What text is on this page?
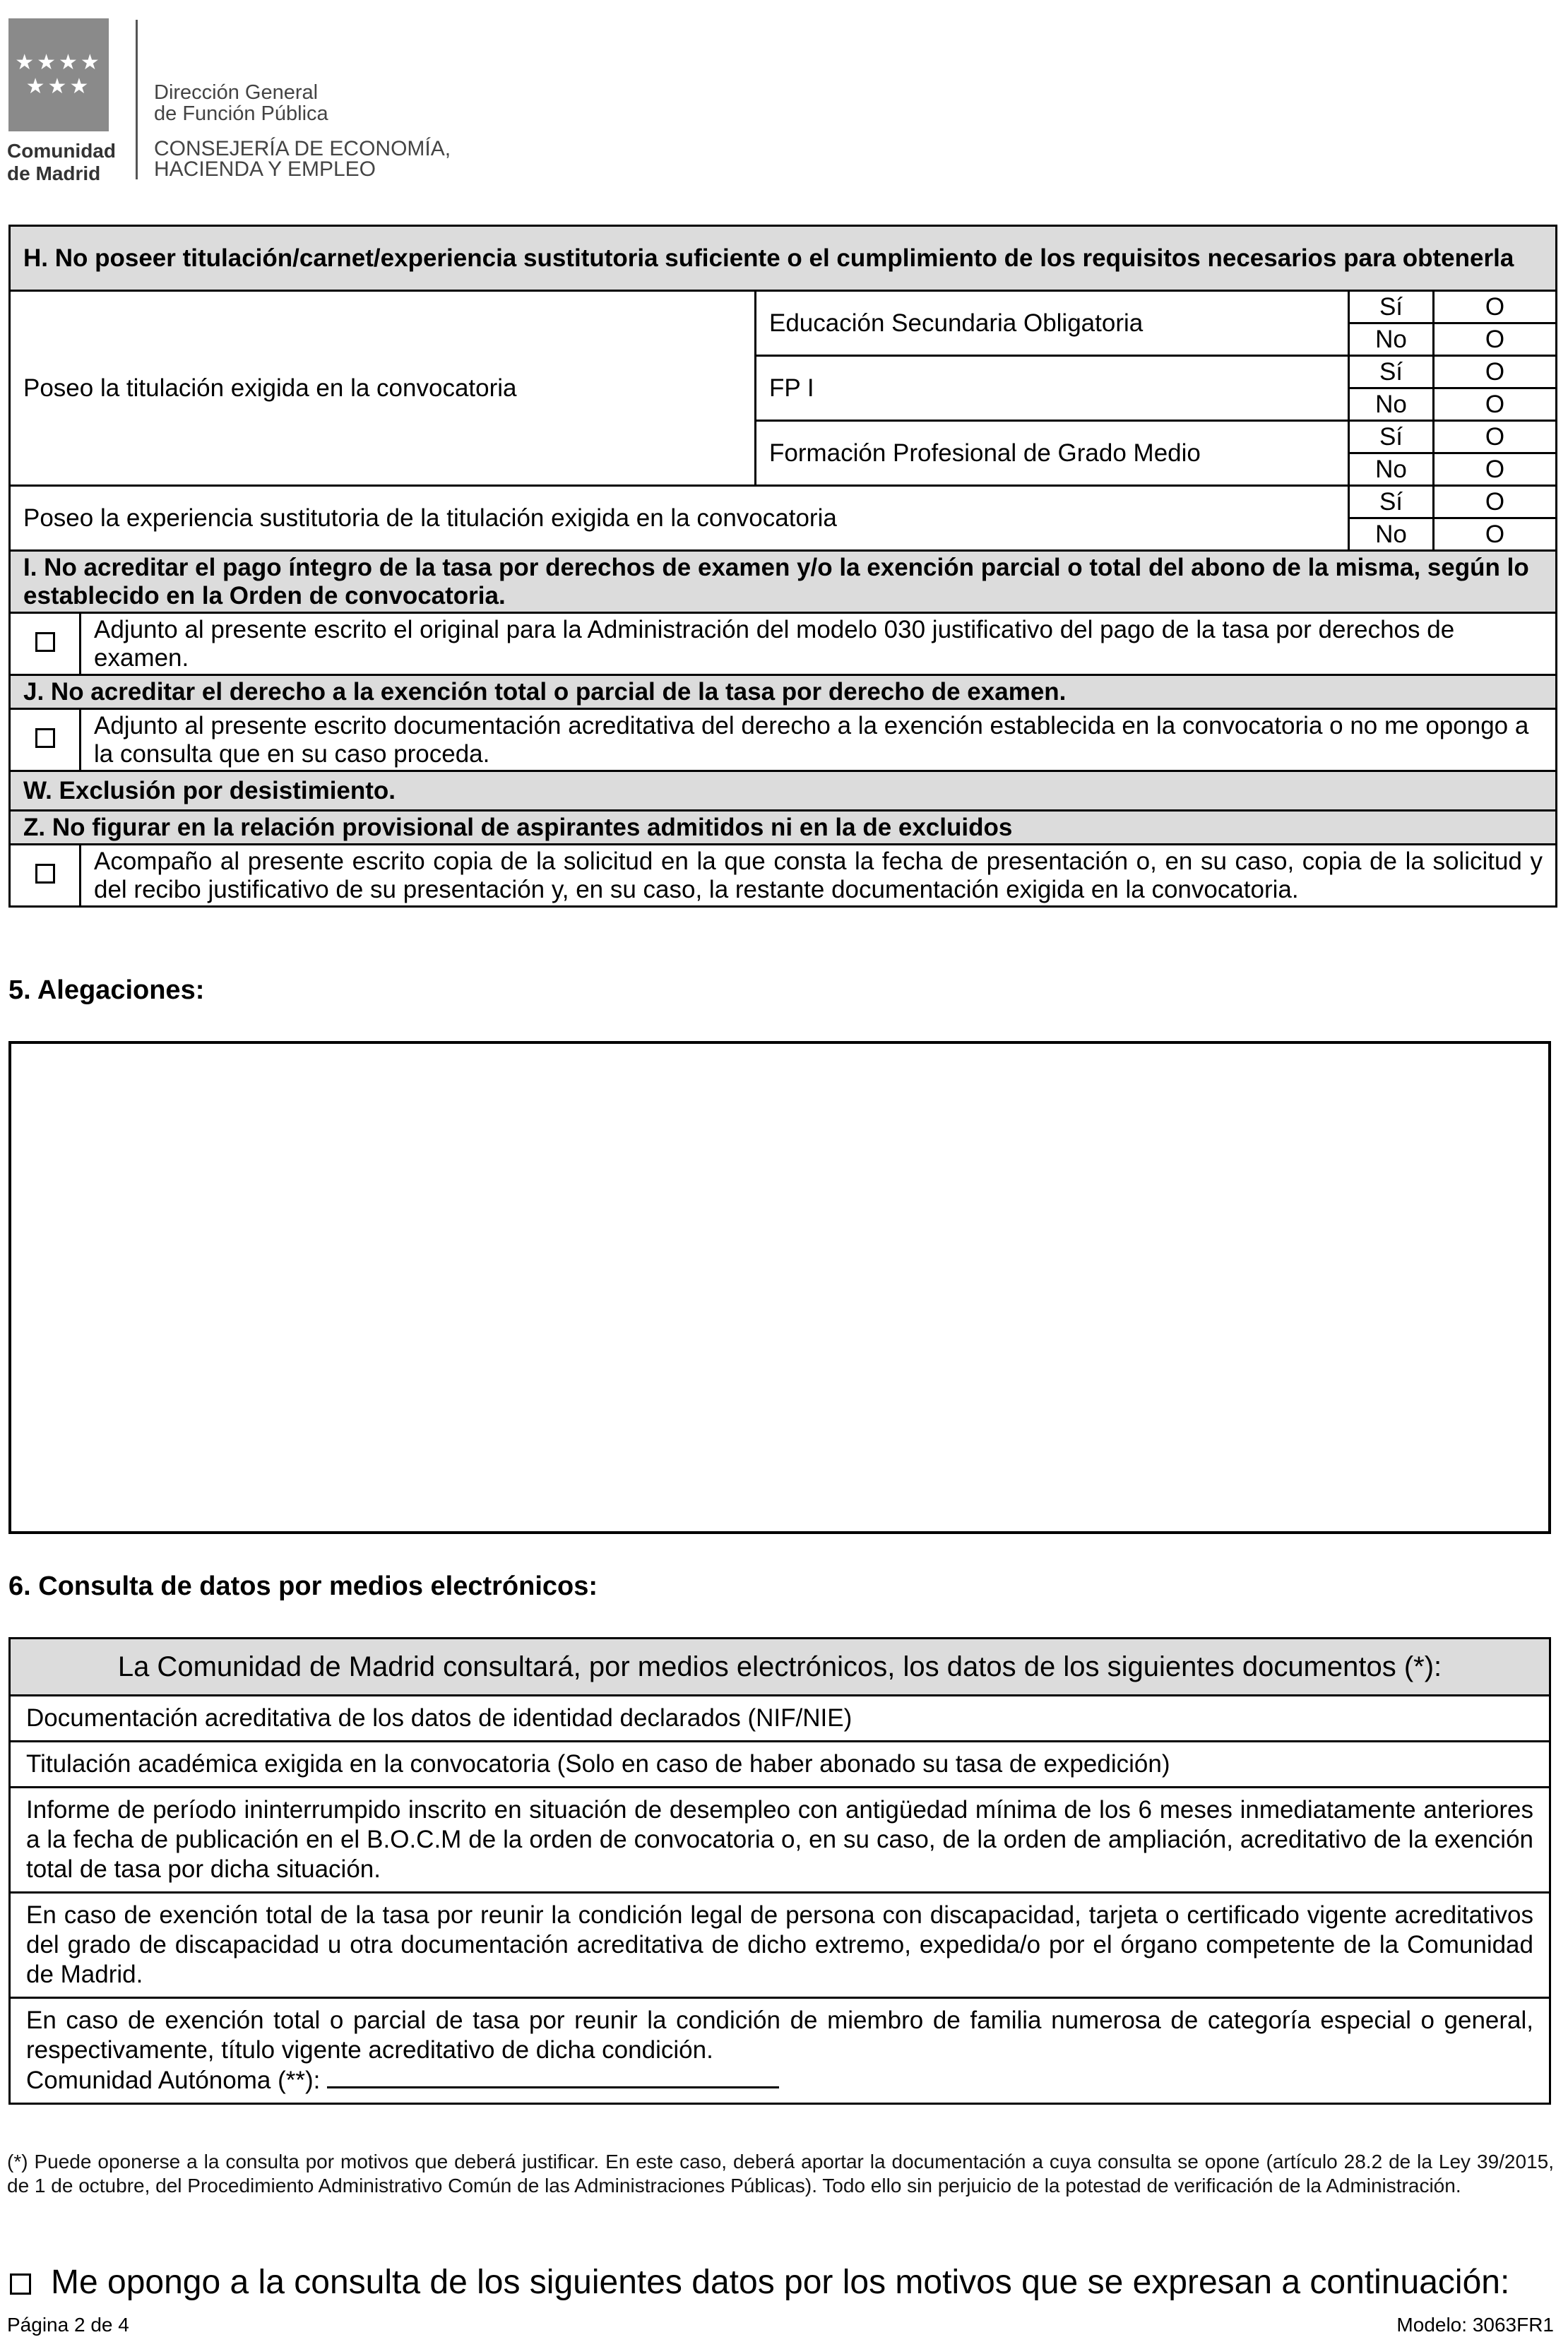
★★★★ ★★★
Comunidad
de Madrid
Dirección General
de Función Pública
CONSEJERÍA DE ECONOMÍA,
HACIENDA Y EMPLEO
H. No poseer titulación/carnet/experiencia sustitutoria suficiente o el cumplimiento de los requisitos necesarios para obtenerla				
Poseo la titulación exigida en la convocatoria		Educación Secundaria Obligatoria	Sí	O
			No	O
		FP I	Sí	O
			No	O
		Formación Profesional de Grado Medio	Sí	O
			No	O
Poseo la experiencia sustitutoria de la titulación exigida en la convocatoria			Sí	O
			No	O
I. No acreditar el pago íntegro de la tasa por derechos de examen y/o la exención parcial o total del abono de la misma, según lo establecido en la Orden de convocatoria.				
	Adjunto al presente escrito el original para la Administración del modelo 030 justificativo del pago de la tasa por derechos de examen.			
J. No acreditar el derecho a la exención total o parcial de la tasa por derecho de examen.				
	Adjunto al presente escrito documentación acreditativa del derecho a la exención establecida en la convocatoria o no me opongo a la consulta que en su caso proceda.			
W. Exclusión por desistimiento.				
Z. No figurar en la relación provisional de aspirantes admitidos ni en la de excluidos				
	Acompaño al presente escrito copia de la solicitud en la que consta la fecha de presentación o, en su caso, copia de la solicitud y del recibo justificativo de su presentación y, en su caso, la restante documentación exigida en la convocatoria.			
5. Alegaciones:
6. Consulta de datos por medios electrónicos:
La Comunidad de Madrid consultará, por medios electrónicos, los datos de los siguientes documentos (*):
Documentación acreditativa de los datos de identidad declarados (NIF/NIE)
Titulación académica exigida en la convocatoria (Solo en caso de haber abonado su tasa de expedición)
Informe de período ininterrumpido inscrito en situación de desempleo con antigüedad mínima de los 6 meses inmediatamente anteriores a la fecha de publicación en el B.O.C.M de la orden de convocatoria o, en su caso, de la orden de ampliación, acreditativo de la exención total de tasa por dicha situación.
En caso de exención total de la tasa por reunir la condición legal de persona con discapacidad, tarjeta o certificado vigente acreditativos del grado de discapacidad u otra documentación acreditativa de dicho extremo, expedida/o por el órgano competente de la Comunidad de Madrid.

En caso de exención total o parcial de tasa por reunir la condición de miembro de familia numerosa de categoría especial o general, respectivamente, título vigente acreditativo de dicha condición.
Comunidad Autónoma (**):
(*) Puede oponerse a la consulta por motivos que deberá justificar. En este caso, deberá aportar la documentación a cuya consulta se opone (artículo 28.2 de la Ley 39/2015, de 1 de octubre, del Procedimiento Administrativo Común de las Administraciones Públicas). Todo ello sin perjuicio de la potestad de verificación de la Administración.
Me opongo a la consulta de los siguientes datos por los motivos que se expresan a continuación:
Página 2 de 4	Modelo: 3063FR1
